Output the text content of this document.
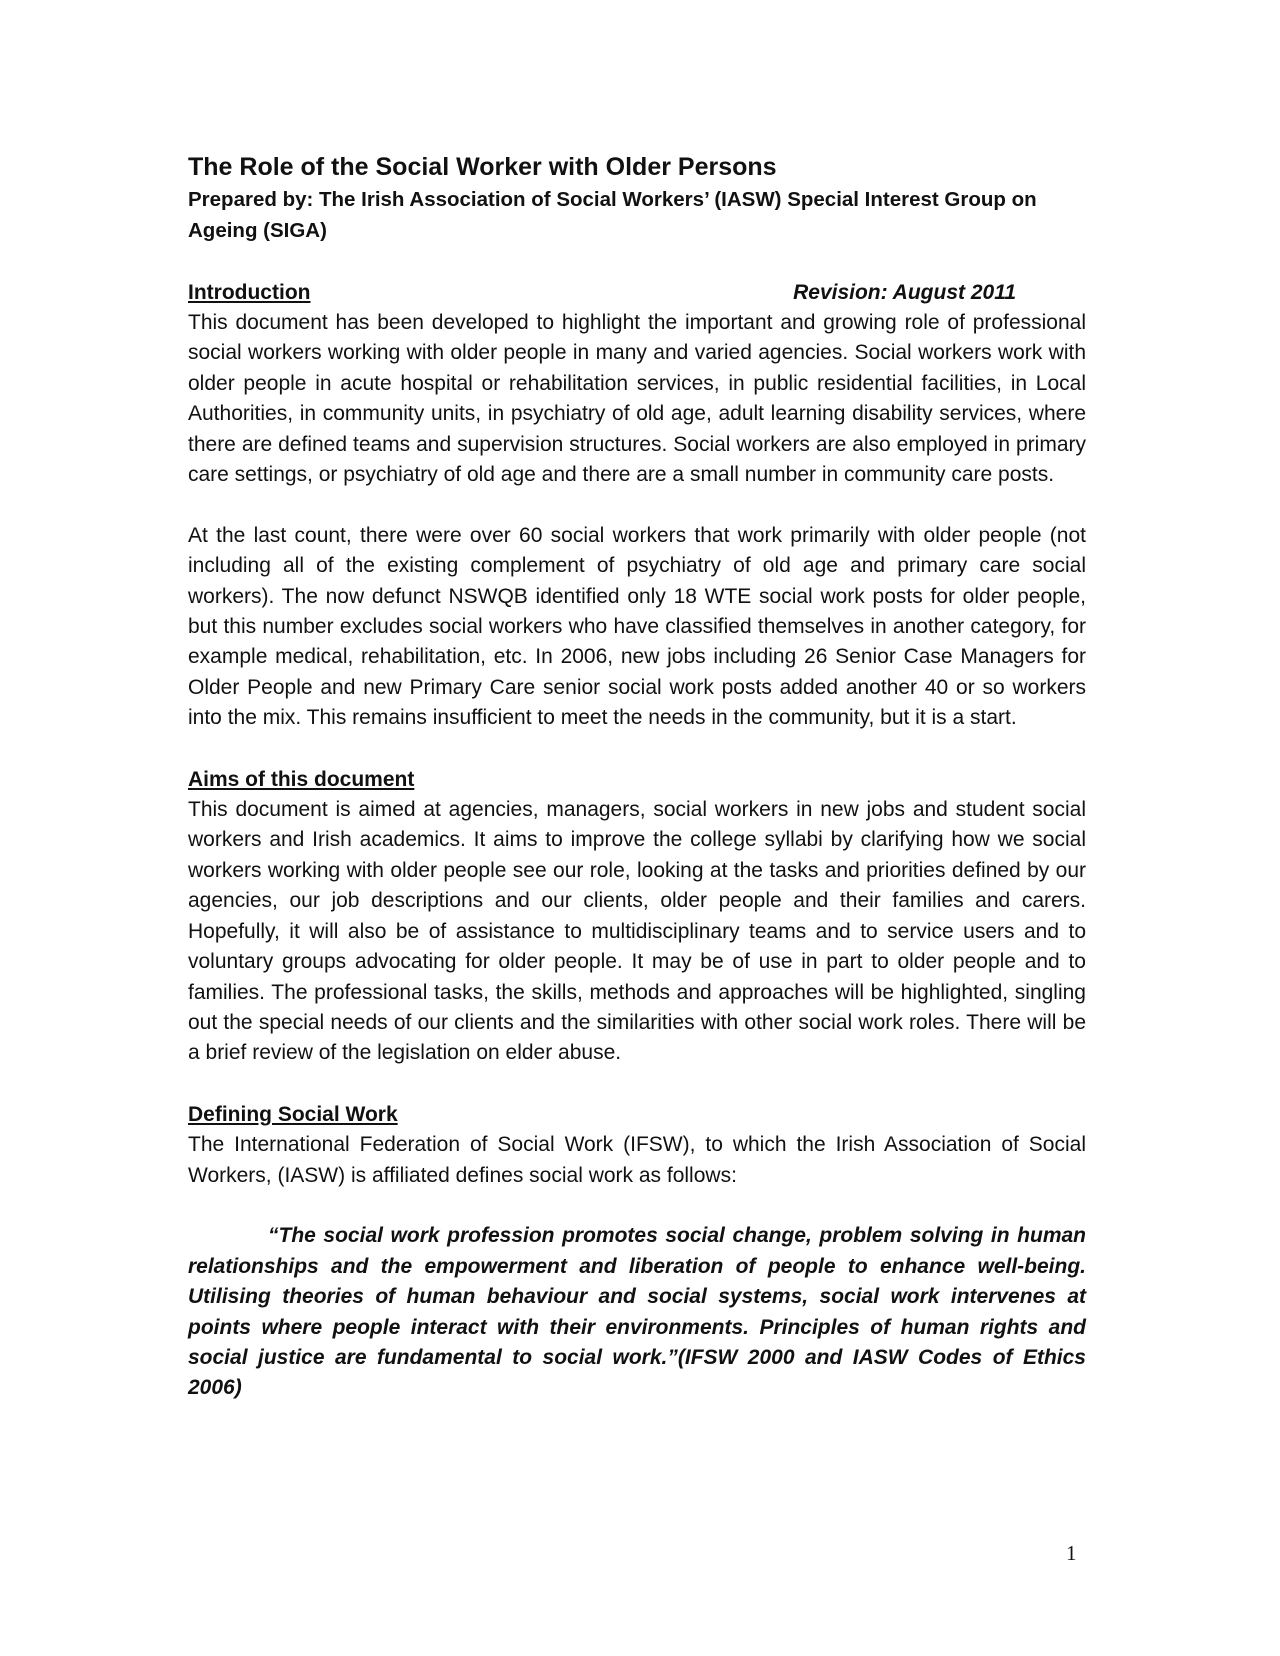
The Role of the Social Worker with Older Persons

Prepared by: The Irish Association of Social Workers’ (IASW) Special Interest Group on Ageing (SIGA)

Introduction	Revision: August 2011

This document has been developed to highlight the important and growing role of professional social workers working with older people in many and varied agencies. Social workers work with older people in acute hospital or rehabilitation services, in public residential facilities, in Local Authorities, in community units, in psychiatry of old age, adult learning disability services, where there are defined teams and supervision structures. Social workers are also employed in primary care settings, or psychiatry of old age and there are a small number in community care posts.

At the last count, there were over 60 social workers that work primarily with older people (not including all of the existing complement of psychiatry of old age and primary care social workers). The now defunct NSWQB identified only 18 WTE social work posts for older people, but this number excludes social workers who have classified themselves in another category, for example medical, rehabilitation, etc. In 2006, new jobs including 26 Senior Case Managers for Older People and new Primary Care senior social work posts added another 40 or so workers into the mix. This remains insufficient to meet the needs in the community, but it is a start.

Aims of this document

This document is aimed at agencies, managers, social workers in new jobs and student social workers and Irish academics. It aims to improve the college syllabi by clarifying how we social workers working with older people see our role, looking at the tasks and priorities defined by our agencies, our job descriptions and our clients, older people and their families and carers. Hopefully, it will also be of assistance to multidisciplinary teams and to service users and to voluntary groups advocating for older people. It may be of use in part to older people and to families. The professional tasks, the skills, methods and approaches will be highlighted, singling out the special needs of our clients and the similarities with other social work roles. There will be a brief review of the legislation on elder abuse.

Defining Social Work

The International Federation of Social Work (IFSW), to which the Irish Association of Social Workers, (IASW) is affiliated defines social work as follows:

“The social work profession promotes social change, problem solving in human relationships and the empowerment and liberation of people to enhance well-being. Utilising theories of human behaviour and social systems, social work intervenes at points where people interact with their environments. Principles of human rights and social justice are fundamental to social work.”(IFSW 2000 and IASW Codes of Ethics 2006)

1
